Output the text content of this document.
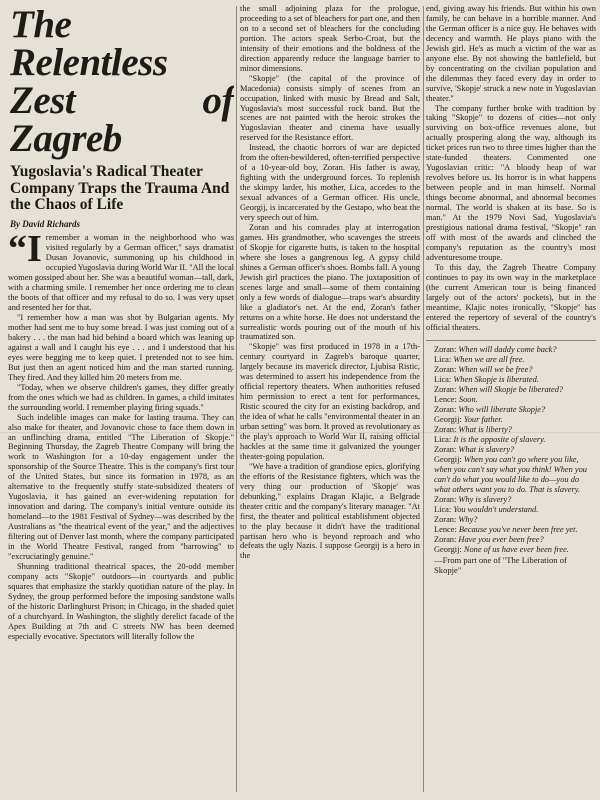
The Relentless Zest of Zagreb
Yugoslavia's Radical Theater Company Traps the Trauma And the Chaos of Life
By David Richards

“Iremember a woman in the neighborhood who was visited regularly by a German officer," says dramatist Dusan Jovanovic, summoning up his childhood in occupied Yugoslavia during World War II. "All the local women gossiped about her. She was a beautiful woman—tall, dark, with a charming smile. I remember her once ordering me to clean the boots of that officer and my refusal to do so. I was very upset and resented her for that.

"I remember how a man was shot by Bulgarian agents. My mother had sent me to buy some bread. I was just coming out of a bakery . . . the man had hid behind a board which was leaning up against a wall and I caught his eye . . . and I understood that his eyes were begging me to keep quiet. I pretended not to see him. But just then an agent noticed him and the man started running. They fired. And they killed him 20 meters from me.

"Today, when we observe children's games, they differ greatly from the ones which we had as children. In games, a child imitates the surrounding world. I remember playing firing squads."

Such indelible images can make for lasting trauma. They can also make for theater, and Jovanovic chose to face them down in an unflinching drama, entitled "The Liberation of Skopje." Beginning Thursday, the Zagreb Theatre Company will bring the work to Washington for a 10-day engagement under the sponsorship of the Source Theatre. This is the company's first tour of the United States, but since its formation in 1978, as an alternative to the frequently stuffy state-subsidized theaters of Yugoslavia, it has gained an ever-widening reputation for innovation and daring. The company's initial venture outside its homeland—to the 1981 Festival of Sydney—was described by the Australians as "the theatrical event of the year," and the adjectives filtering out of Denver last month, where the company participated in the World Theatre Festival, ranged from "harrowing" to "excruciatingly genuine."

Shunning traditional theatrical spaces, the 20-odd member company acts "Skopje" outdoors—in courtyards and public squares that emphasize the starkly quotidian nature of the play. In Sydney, the group performed before the imposing sandstone walls of the historic Darlinghurst Prison; in Chicago, in the shaded quiet of a churchyard. In Washington, the slightly derelict facade of the Apex Building at 7th and C streets NW has been deemed especially evocative. Spectators will literally follow the

the small adjoining plaza for the prologue, proceeding to a set of bleachers for part one, and then on to a second set of bleachers for the concluding portion. The actors speak Serbo-Croat, but the intensity of their emotions and the boldness of the direction apparently reduce the language barrier to minor dimensions.

"Skopje" (the capital of the province of Macedonia) consists simply of scenes from an occupation, linked with music by Bread and Salt, Yugoslavia's most successful rock band. But the scenes are not painted with the heroic strokes the Yugoslavian theater and cinema have usually reserved for the Resistance effort.

Instead, the chaotic horrors of war are depicted from the often-bewildered, often-terrified perspective of a 10-year-old boy, Zoran. His father is away, fighting with the underground forces. To replenish the skimpy larder, his mother, Lica, accedes to the sexual advances of a German officer. His uncle, Georgij, is incarcerated by the Gestapo, who beat the very speech out of him.

Zoran and his comrades play at interrogation games. His grandmother, who scavenges the streets of Skopje for cigarette butts, is taken to the hospital where she loses a gangrenous leg. A gypsy child shines a German officer's shoes. Bombs fall. A young Jewish girl practices the piano. The juxtaposition of scenes large and small—some of them containing only a few words of dialogue—traps war's absurdity like a gladiator's net. At the end, Zoran's father returns on a white horse. He does not understand the surrealistic words pouring out of the mouth of his traumatized son.

"Skopje" was first produced in 1978 in a 17th-century courtyard in Zagreb's baroque quarter, largely because its maverick director, Ljubisa Ristic, was determined to assert his independence from the official repertory theaters. When authorities refused him permission to erect a tent for performances, Ristic scoured the city for an existing backdrop, and the idea of what he calls "environmental theater in an urban setting" was born. It proved as revolutionary as the play's approach to World War II, raising official hackles at the same time it galvanized the younger theater-going population.

"We have a tradition of grandiose epics, glorifying the efforts of the Resistance fighters, which was the very thing our production of 'Skopje' was debunking," explains Dragan Klajic, a Belgrade theater critic and the company's literary manager. "At first, the theater and political establishment objected to the play because it didn't have the traditional partisan hero who is beyond reproach and who defeats the ugly Nazis. I suppose Georgij is a hero in the

end, giving away his friends. But within his own family, he can behave in a horrible manner. And the German officer is a nice guy. He behaves with decency and warmth. He plays piano with the Jewish girl. He's as much a victim of the war as anyone else. By not showing the battlefield, but by concentrating on the civilian population and the dilemmas they faced every day in order to survive, 'Skopje' struck a new note in Yugoslavian theater."

The company further broke with tradition by taking "Skopje" to dozens of cities—not only surviving on box-office revenues alone, but actually prospering along the way, although its ticket prices run two to three times higher than the state-funded theaters. Commented one Yugoslavian critic: "A bloody heap of war revolves before us. Its horror is in what happens between people and in man himself. Normal things become abnormal, and abnormal becomes normal. The world is shaken at its base. So is man." At the 1979 Novi Sad, Yugoslavia's prestigious national drama festival, "Skopje" ran off with most of the awards and clinched the company's reputation as the country's most adventuresome troupe.

To this day, the Zagreb Theatre Company continues to pay its own way in the marketplace (the current American tour is being financed largely out of the actors' pockets), but in the meantime, Klajic notes ironically, "Skopje" has entered the repertory of several of the country's official theaters.

Zoran: When will daddy come back?

Lica: When we are all free.

Zoran: When will we be free?

Lica: When Skopje is liberated.

Zoran: When will Skopje be liberated?

Lence: Soon.

Zoran: Who will liberate Skopje?

Georgij: Your father.

Zoran: What is liberty?

Lica: It is the opposite of slavery.

Zoran: What is slavery?

Georgij: When you can't go where you like, when you can't say what you think! When you can't do what you would like to do—you do what others want you to do. That is slavery.

Zoran: Why is slavery?

Lica: You wouldn't understand.

Zoran: Why?

Lence: Because you've never been free yet.

Zoran: Have you ever been free?

Georgij: None of us have ever been free.

—From part one of "The Liberation of Skopje"
